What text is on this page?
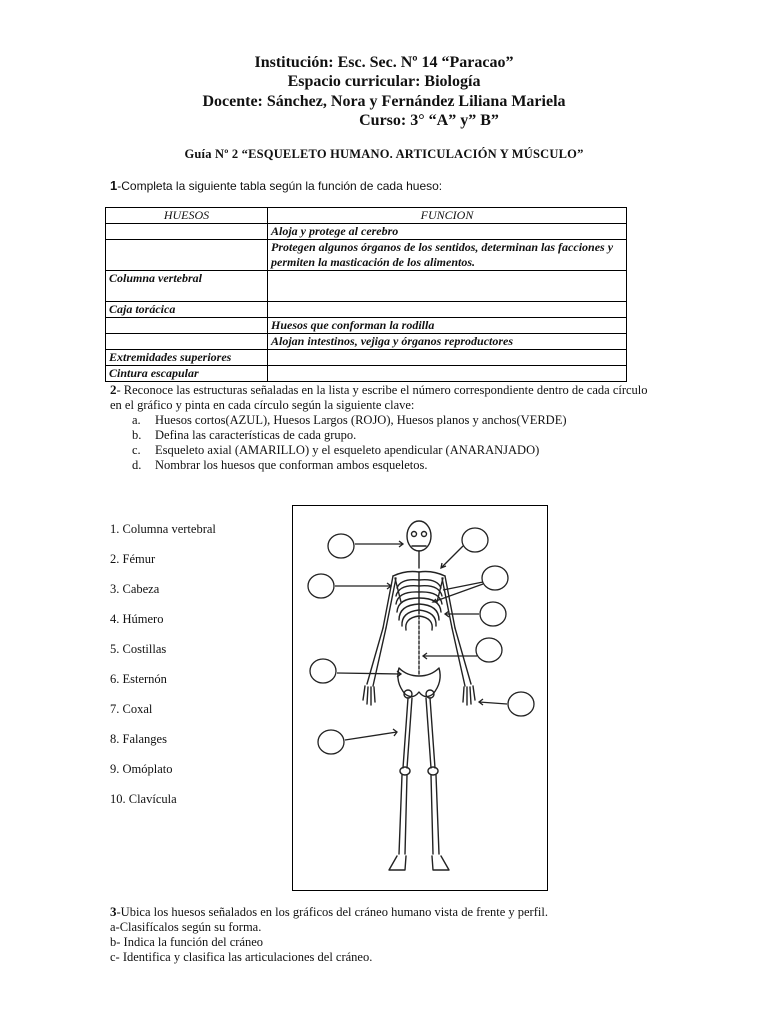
Institución: Esc. Sec. Nº 14 “Paracao”
Espacio curricular: Biología
Docente: Sánchez, Nora y Fernández Liliana Mariela
Curso: 3° “A” y” B”
Guía Nº 2 “ESQUELETO HUMANO. ARTICULACIÓN Y MÚSCULO”
1-Completa la siguiente tabla según la función de cada hueso:
HUESOS	FUNCION
	Aloja y protege al cerebro
	Protegen algunos órganos de los sentidos, determinan las facciones y permiten la masticación de los alimentos.
Columna vertebral	
Caja torácica	
	Huesos que conforman la rodilla
	Alojan intestinos, vejiga y órganos reproductores
Extremidades superiores	
Cintura escapular	
2- Reconoce las estructuras señaladas en la lista y escribe el número correspondiente dentro de cada círculo en el gráfico y pinta en cada círculo según la siguiente clave:
a. Huesos cortos(AZUL), Huesos Largos (ROJO), Huesos planos y anchos(VERDE)
b. Defina las características de cada grupo.
c. Esqueleto axial (AMARILLO) y el esqueleto apendicular (ANARANJADO)
d. Nombrar los huesos que conforman ambos esqueletos.
1. Columna vertebral
2. Fémur
3. Cabeza
4. Húmero
5. Costillas
6. Esternón
7. Coxal
8. Falanges
9. Omóplato
10. Clavícula
3-Ubica los huesos señalados en los gráficos del cráneo humano vista de frente y perfil.
a-Clasifícalos según su forma.
b- Indica la función del cráneo
c- Identifica y clasifica las articulaciones del cráneo.
